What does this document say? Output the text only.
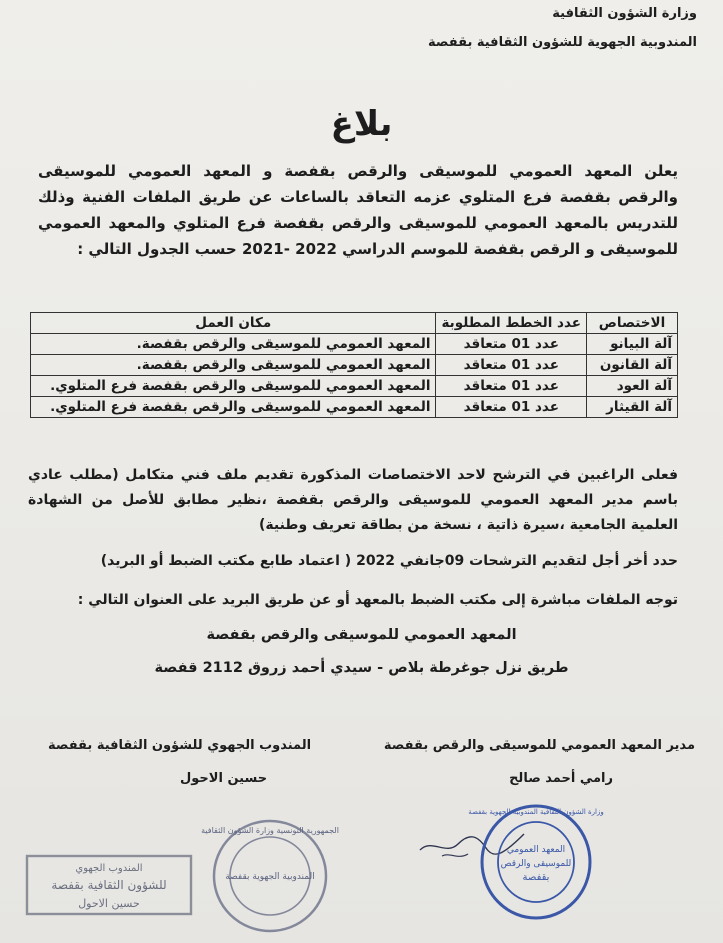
وزارة الشؤون الثقافية
المندوبية الجهوية للشؤون الثقافية بقفصة
بلاغ
يعلن المعهد العمومي للموسيقى والرقص بقفصة و المعهد العمومي للموسيقى والرقص بقفصة فرع المتلوي عزمه التعاقد بالساعات عن طريق الملفات الفنية وذلك للتدريس بالمعهد العمومي للموسيقى والرقص بقفصة فرع المتلوي والمعهد العمومي للموسيقى و الرقص بقفصة للموسم الدراسي 2022 -2021 حسب الجدول التالي :
الاختصاص	عدد الخطط المطلوبة	مكان العمل
آلة البيانو	عدد 01 متعاقد	المعهد العمومي للموسيقى والرقص بقفصة.
آلة القانون	عدد 01 متعاقد	المعهد العمومي للموسيقى والرقص بقفصة.
آلة العود	عدد 01 متعاقد	المعهد العمومي للموسيقى والرقص بقفصة فرع المتلوي.
آلة القيثار	عدد 01 متعاقد	المعهد العمومي للموسيقى والرقص بقفصة فرع المتلوي.
فعلى الراغبين في الترشح لاحد الاختصاصات المذكورة تقديم ملف فني متكامل (مطلب عادي باسم مدير المعهد العمومي للموسيقى والرقص بقفصة ،نظير مطابق للأصل من الشهادة العلمية الجامعية ،سيرة ذاتية ، نسخة من بطاقة تعريف وطنية)
حدد أخر أجل لتقديم الترشحات 09جانفي 2022 ( اعتماد طابع مكتب الضبط أو البريد)
توجه الملفات مباشرة إلى مكتب الضبط بالمعهد أو عن طريق البريد على العنوان التالي :
المعهد العمومي للموسيقى والرقص بقفصة
طريق نزل جوغرطة بلاص - سيدي أحمد زروق 2112 قفصة
مدير المعهد العمومي للموسيقى والرقص بقفصة
رامي أحمد صالح
المندوب الجهوي للشؤون الثقافية بقفصة
حسين الاحول
الجمهورية التونسية وزارة الشؤون الثقافية
المندوبية الجهوية بقفصة
المندوب الجهوي
للشؤون الثقافية بقفصة
حسين الاحول
وزارة الشؤون الثقافية المندوبية الجهوية بقفصة
المعهد العمومي
للموسيقى والرقص
بقفصة
